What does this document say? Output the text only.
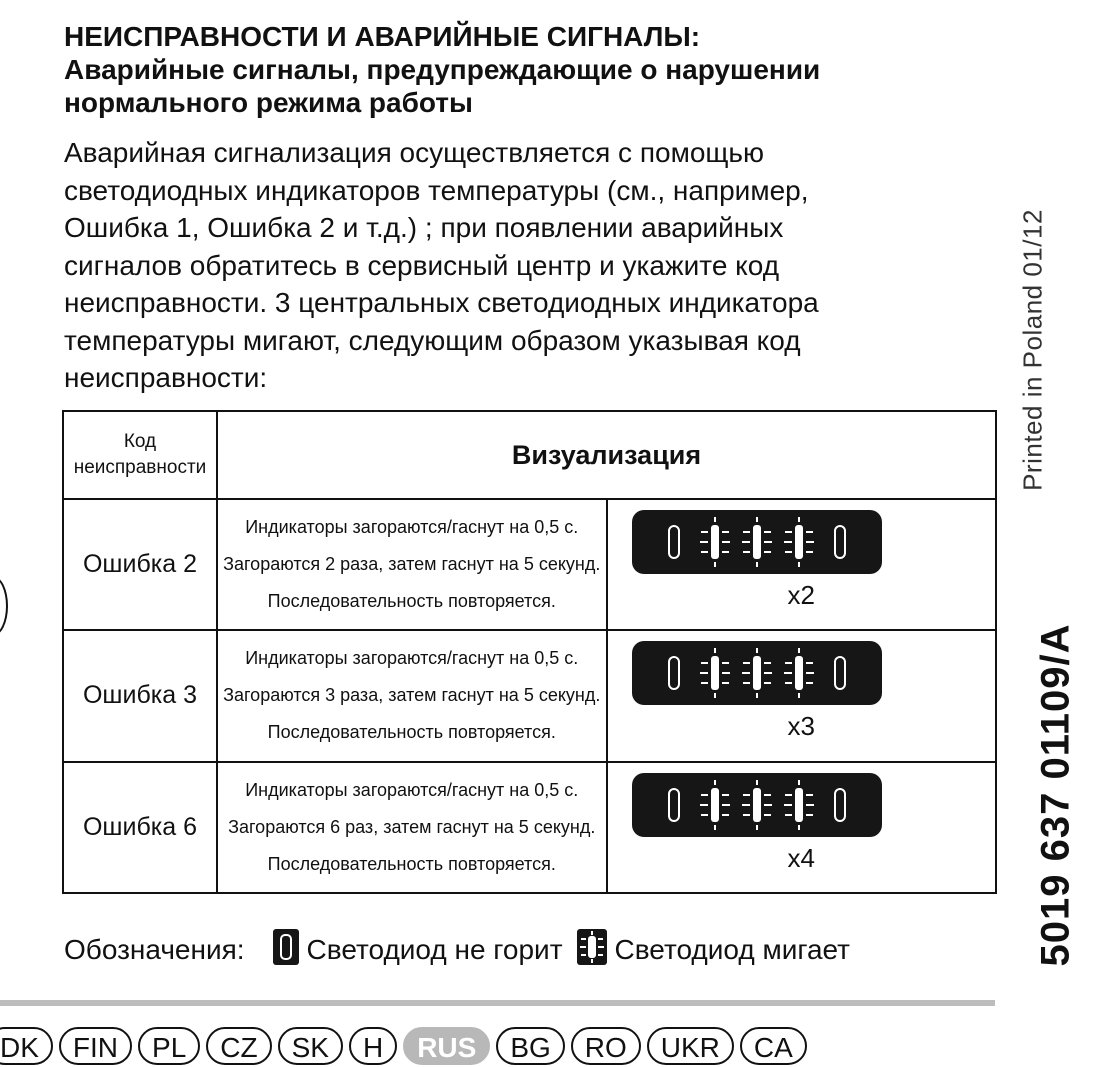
НЕИСПРАВНОСТИ И АВАРИЙНЫЕ СИГНАЛЫ:
Аварийные сигналы, предупреждающие о нарушении
нормального режима работы
Аварийная сигнализация осуществляется с помощью
светодиодных индикаторов температуры (см., например,
Ошибка 1, Ошибка 2 и т.д.) ; при появлении аварийных
сигналов обратитесь в сервисный центр и укажите код
неисправности. 3 центральных светодиодных индикатора
температуры мигают, следующим образом указывая код
неисправности:
Код
неисправности	Визуализация	
Ошибка 2	Индикаторы загораются/гаснут на 0,5 с.
Загораются 2 раза, затем гаснут на 5 секунд.
Последовательность повторяется.	x2

Ошибка 3	Индикаторы загораются/гаснут на 0,5 с.
Загораются 3 раза, затем гаснут на 5 секунд.
Последовательность повторяется.	x3

Ошибка 6	Индикаторы загораются/гаснут на 0,5 с.
Загораются 6 раз, затем гаснут на 5 секунд.
Последовательность повторяется.	x4
Обозначения: Светодиод не горит Светодиод мигает
DK	FIN	PL	CZ	SK	H	RUS	BG	RO	UKR	CA
Printed in Poland 01/12
5019 637 01109/A
